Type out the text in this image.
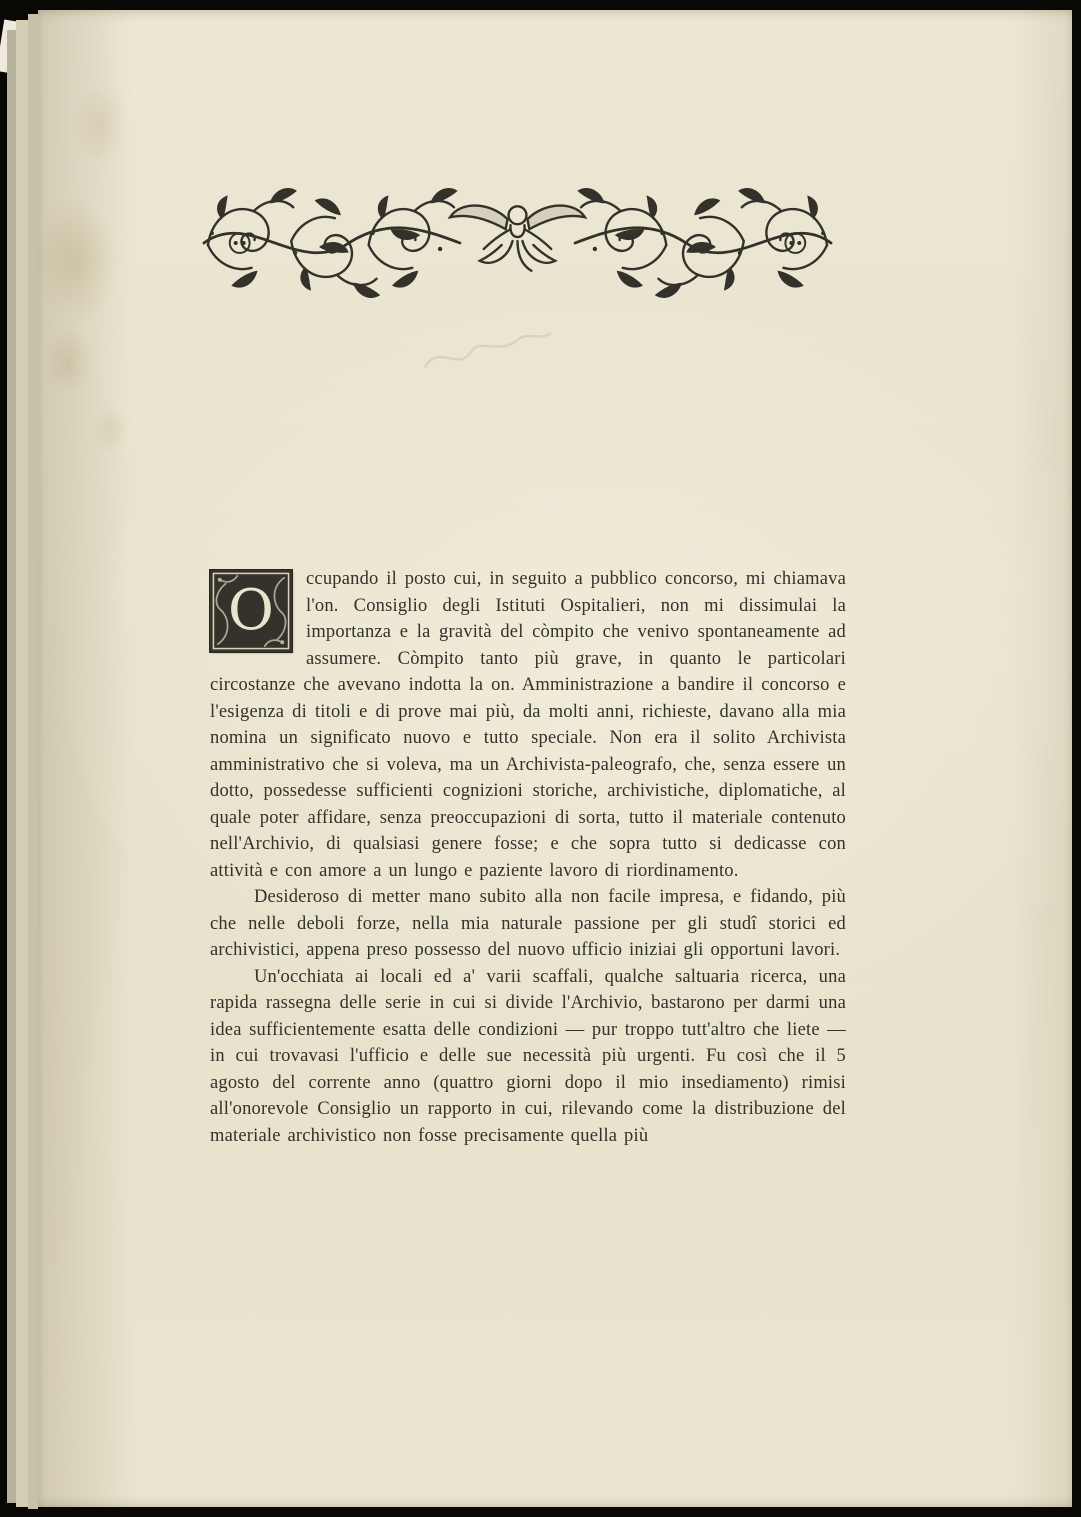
O	ccupando il posto cui, in seguito a pubblico concorso, mi chiamava l'on. Consiglio degli Istituti Ospitalieri, non mi dissimulai la importanza e la gravità del còmpito che venivo spontaneamente ad assumere. Còmpito tanto più grave, in quanto le particolari circostanze che avevano indotta la on. Amministrazione a bandire il concorso e l'esigenza di titoli e di prove mai più, da molti anni, richieste, davano alla mia nomina un significato nuovo e tutto speciale. Non era il solito Archivista amministrativo che si voleva, ma un Archivista-paleografo, che, senza essere un dotto, possedesse sufficienti cognizioni storiche, archivistiche, diplomatiche, al quale poter affidare, senza preoccupazioni di sorta, tutto il materiale contenuto nell'Archivio, di qualsiasi genere fosse; e che sopra tutto si dedicasse con attività e con amore a un lungo e paziente lavoro di riordinamento.

Desideroso di metter mano subito alla non facile impresa, e fidando, più che nelle deboli forze, nella mia naturale passione per gli studî storici ed archivistici, appena preso possesso del nuovo ufficio iniziai gli opportuni lavori.

Un'occhiata ai locali ed a' varii scaffali, qualche saltuaria ricerca, una rapida rassegna delle serie in cui si divide l'Archivio, bastarono per darmi una idea sufficientemente esatta delle condizioni — pur troppo tutt'altro che liete — in cui trovavasi l'ufficio e delle sue necessità più urgenti. Fu così che il 5 agosto del corrente anno (quattro giorni dopo il mio insediamento) rimisi all'onorevole Consiglio un rapporto in cui, rilevando come la distribuzione del materiale archivistico non fosse precisamente quella più
